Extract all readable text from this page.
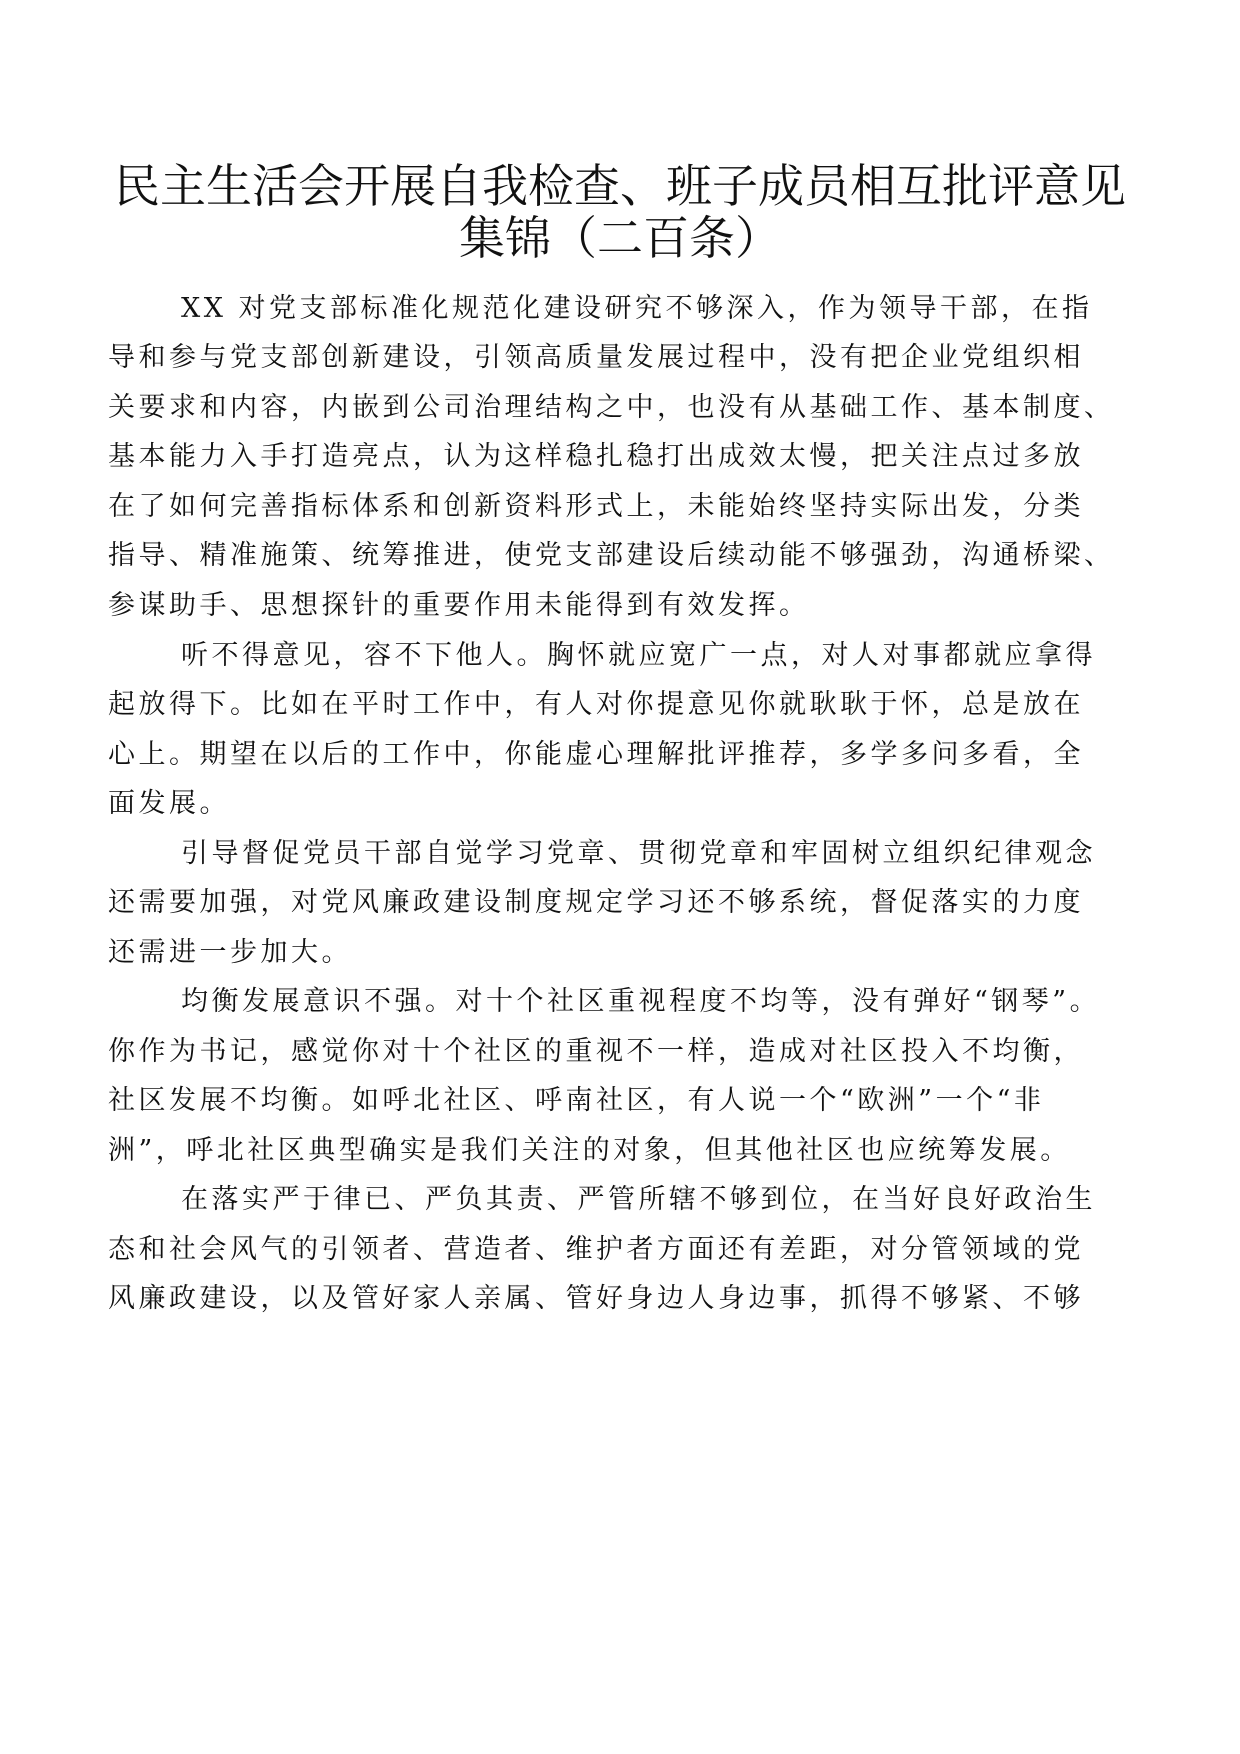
民主生活会开展自我检查、班子成员相互批评意见
集锦（二百条）

XX 对党支部标准化规范化建设研究不够深入，作为领导干部，在指

导和参与党支部创新建设，引领高质量发展过程中，没有把企业党组织相

关要求和内容，内嵌到公司治理结构之中，也没有从基础工作、基本制度、

基本能力入手打造亮点，认为这样稳扎稳打出成效太慢，把关注点过多放

在了如何完善指标体系和创新资料形式上，未能始终坚持实际出发，分类

指导、精准施策、统筹推进，使党支部建设后续动能不够强劲，沟通桥梁、

参谋助手、思想探针的重要作用未能得到有效发挥。

听不得意见，容不下他人。胸怀就应宽广一点，对人对事都就应拿得

起放得下。比如在平时工作中，有人对你提意见你就耿耿于怀，总是放在

心上。期望在以后的工作中，你能虚心理解批评推荐，多学多问多看，全

面发展。

引导督促党员干部自觉学习党章、贯彻党章和牢固树立组织纪律观念

还需要加强，对党风廉政建设制度规定学习还不够系统，督促落实的力度

还需进一步加大。

均衡发展意识不强。对十个社区重视程度不均等，没有弹好“钢琴”。

你作为书记，感觉你对十个社区的重视不一样，造成对社区投入不均衡，

社区发展不均衡。如呼北社区、呼南社区，有人说一个“欧洲”一个“非

洲”，呼北社区典型确实是我们关注的对象，但其他社区也应统筹发展。

在落实严于律已、严负其责、严管所辖不够到位，在当好良好政治生

态和社会风气的引领者、营造者、维护者方面还有差距，对分管领域的党

风廉政建设，以及管好家人亲属、管好身边人身边事，抓得不够紧、不够
